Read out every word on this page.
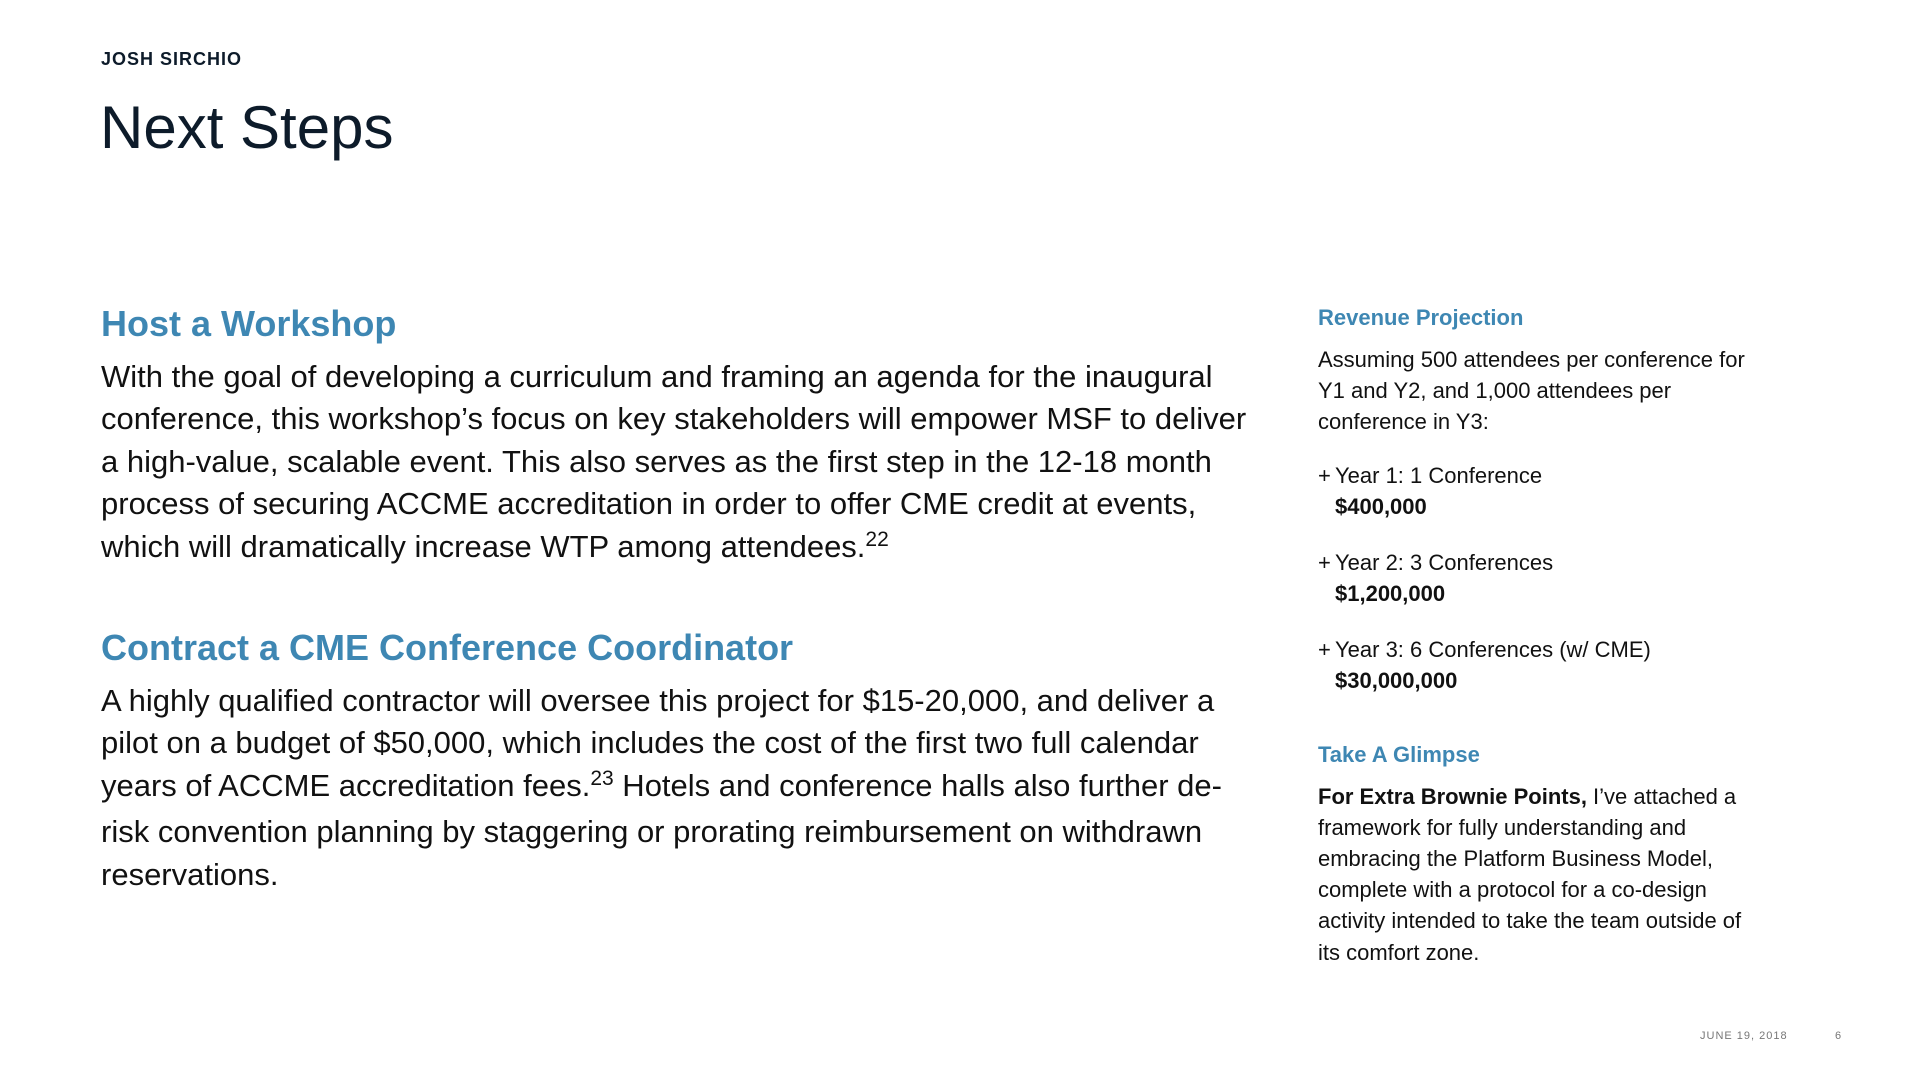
JOSH SIRCHIO
Next Steps
Host a Workshop

With the goal of developing a curriculum and framing an agenda for the inaugural conference, this workshop’s focus on key stakeholders will empower MSF to deliver a high-value, scalable event. This also serves as the first step in the 12-18 month process of securing ACCME accreditation in order to offer CME credit at events, which will dramatically increase WTP among attendees.$^{22}$

Contract a CME Conference Coordinator

A highly qualified contractor will oversee this project for $15-20,000, and deliver a pilot on a budget of $50,000, which includes the cost of the first two full calendar years of ACCME accreditation fees.$^{23}$ Hotels and conference halls also further de-risk convention planning by staggering or prorating reimbursement on withdrawn reservations.

Revenue Projection

Assuming 500 attendees per conference for Y1 and Y2, and 1,000 attendees per conference in Y3:

+ Year 1: 1 Conference
$400,000
+ Year 2: 3 Conferences
$1,200,000
+ Year 3: 6 Conferences (w/ CME)
$30,000,000
Take A Glimpse

For Extra Brownie Points, I’ve attached a framework for fully understanding and embracing the Platform Business Model, complete with a protocol for a co-design activity intended to take the team outside of its comfort zone.

JUNE 19, 2018	6
